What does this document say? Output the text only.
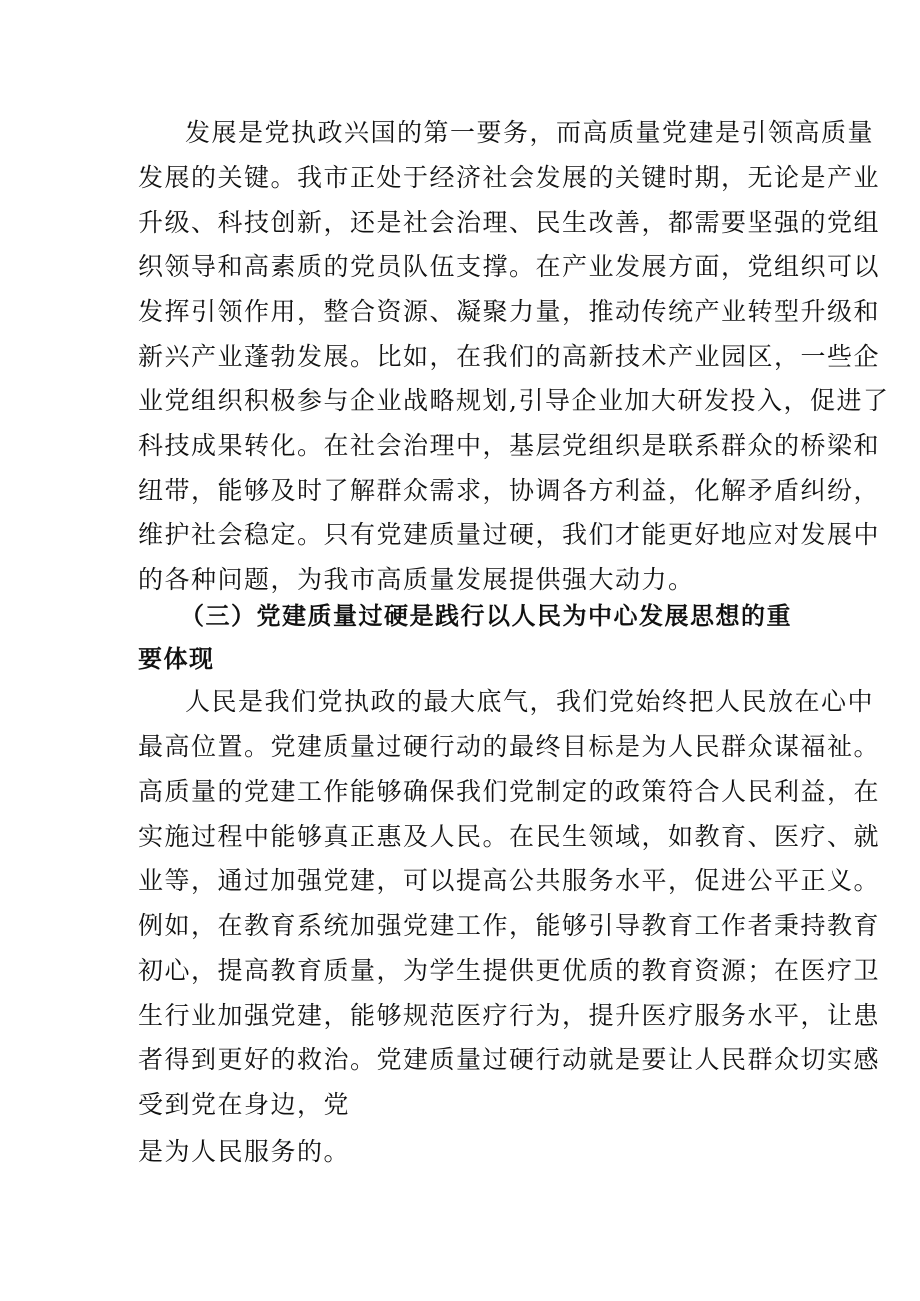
发展是党执政兴国的第一要务，而高质量党建是引领高质量
发展的关键。我市正处于经济社会发展的关键时期，无论是产业
升级、科技创新，还是社会治理、民生改善，都需要坚强的党组
织领导和高素质的党员队伍支撑。在产业发展方面，党组织可以
发挥引领作用，整合资源、凝聚力量，推动传统产业转型升级和
新兴产业蓬勃发展。比如，在我们的高新技术产业园区，一些企
业党组织积极参与企业战略规划,引导企业加大研发投入，促进了
科技成果转化。在社会治理中，基层党组织是联系群众的桥梁和
纽带，能够及时了解群众需求，协调各方利益，化解矛盾纠纷，
维护社会稳定。只有党建质量过硬，我们才能更好地应对发展中
的各种问题，为我市高质量发展提供强大动力。
（三）党建质量过硬是践行以人民为中心发展思想的重
要体现
人民是我们党执政的最大底气，我们党始终把人民放在心中
最高位置。党建质量过硬行动的最终目标是为人民群众谋福祉。
高质量的党建工作能够确保我们党制定的政策符合人民利益，在
实施过程中能够真正惠及人民。在民生领域，如教育、医疗、就
业等，通过加强党建，可以提高公共服务水平，促进公平正义。
例如，在教育系统加强党建工作，能够引导教育工作者秉持教育
初心，提高教育质量，为学生提供更优质的教育资源；在医疗卫
生行业加强党建，能够规范医疗行为，提升医疗服务水平，让患
者得到更好的救治。党建质量过硬行动就是要让人民群众切实感
受到党在身边，党
是为人民服务的。
